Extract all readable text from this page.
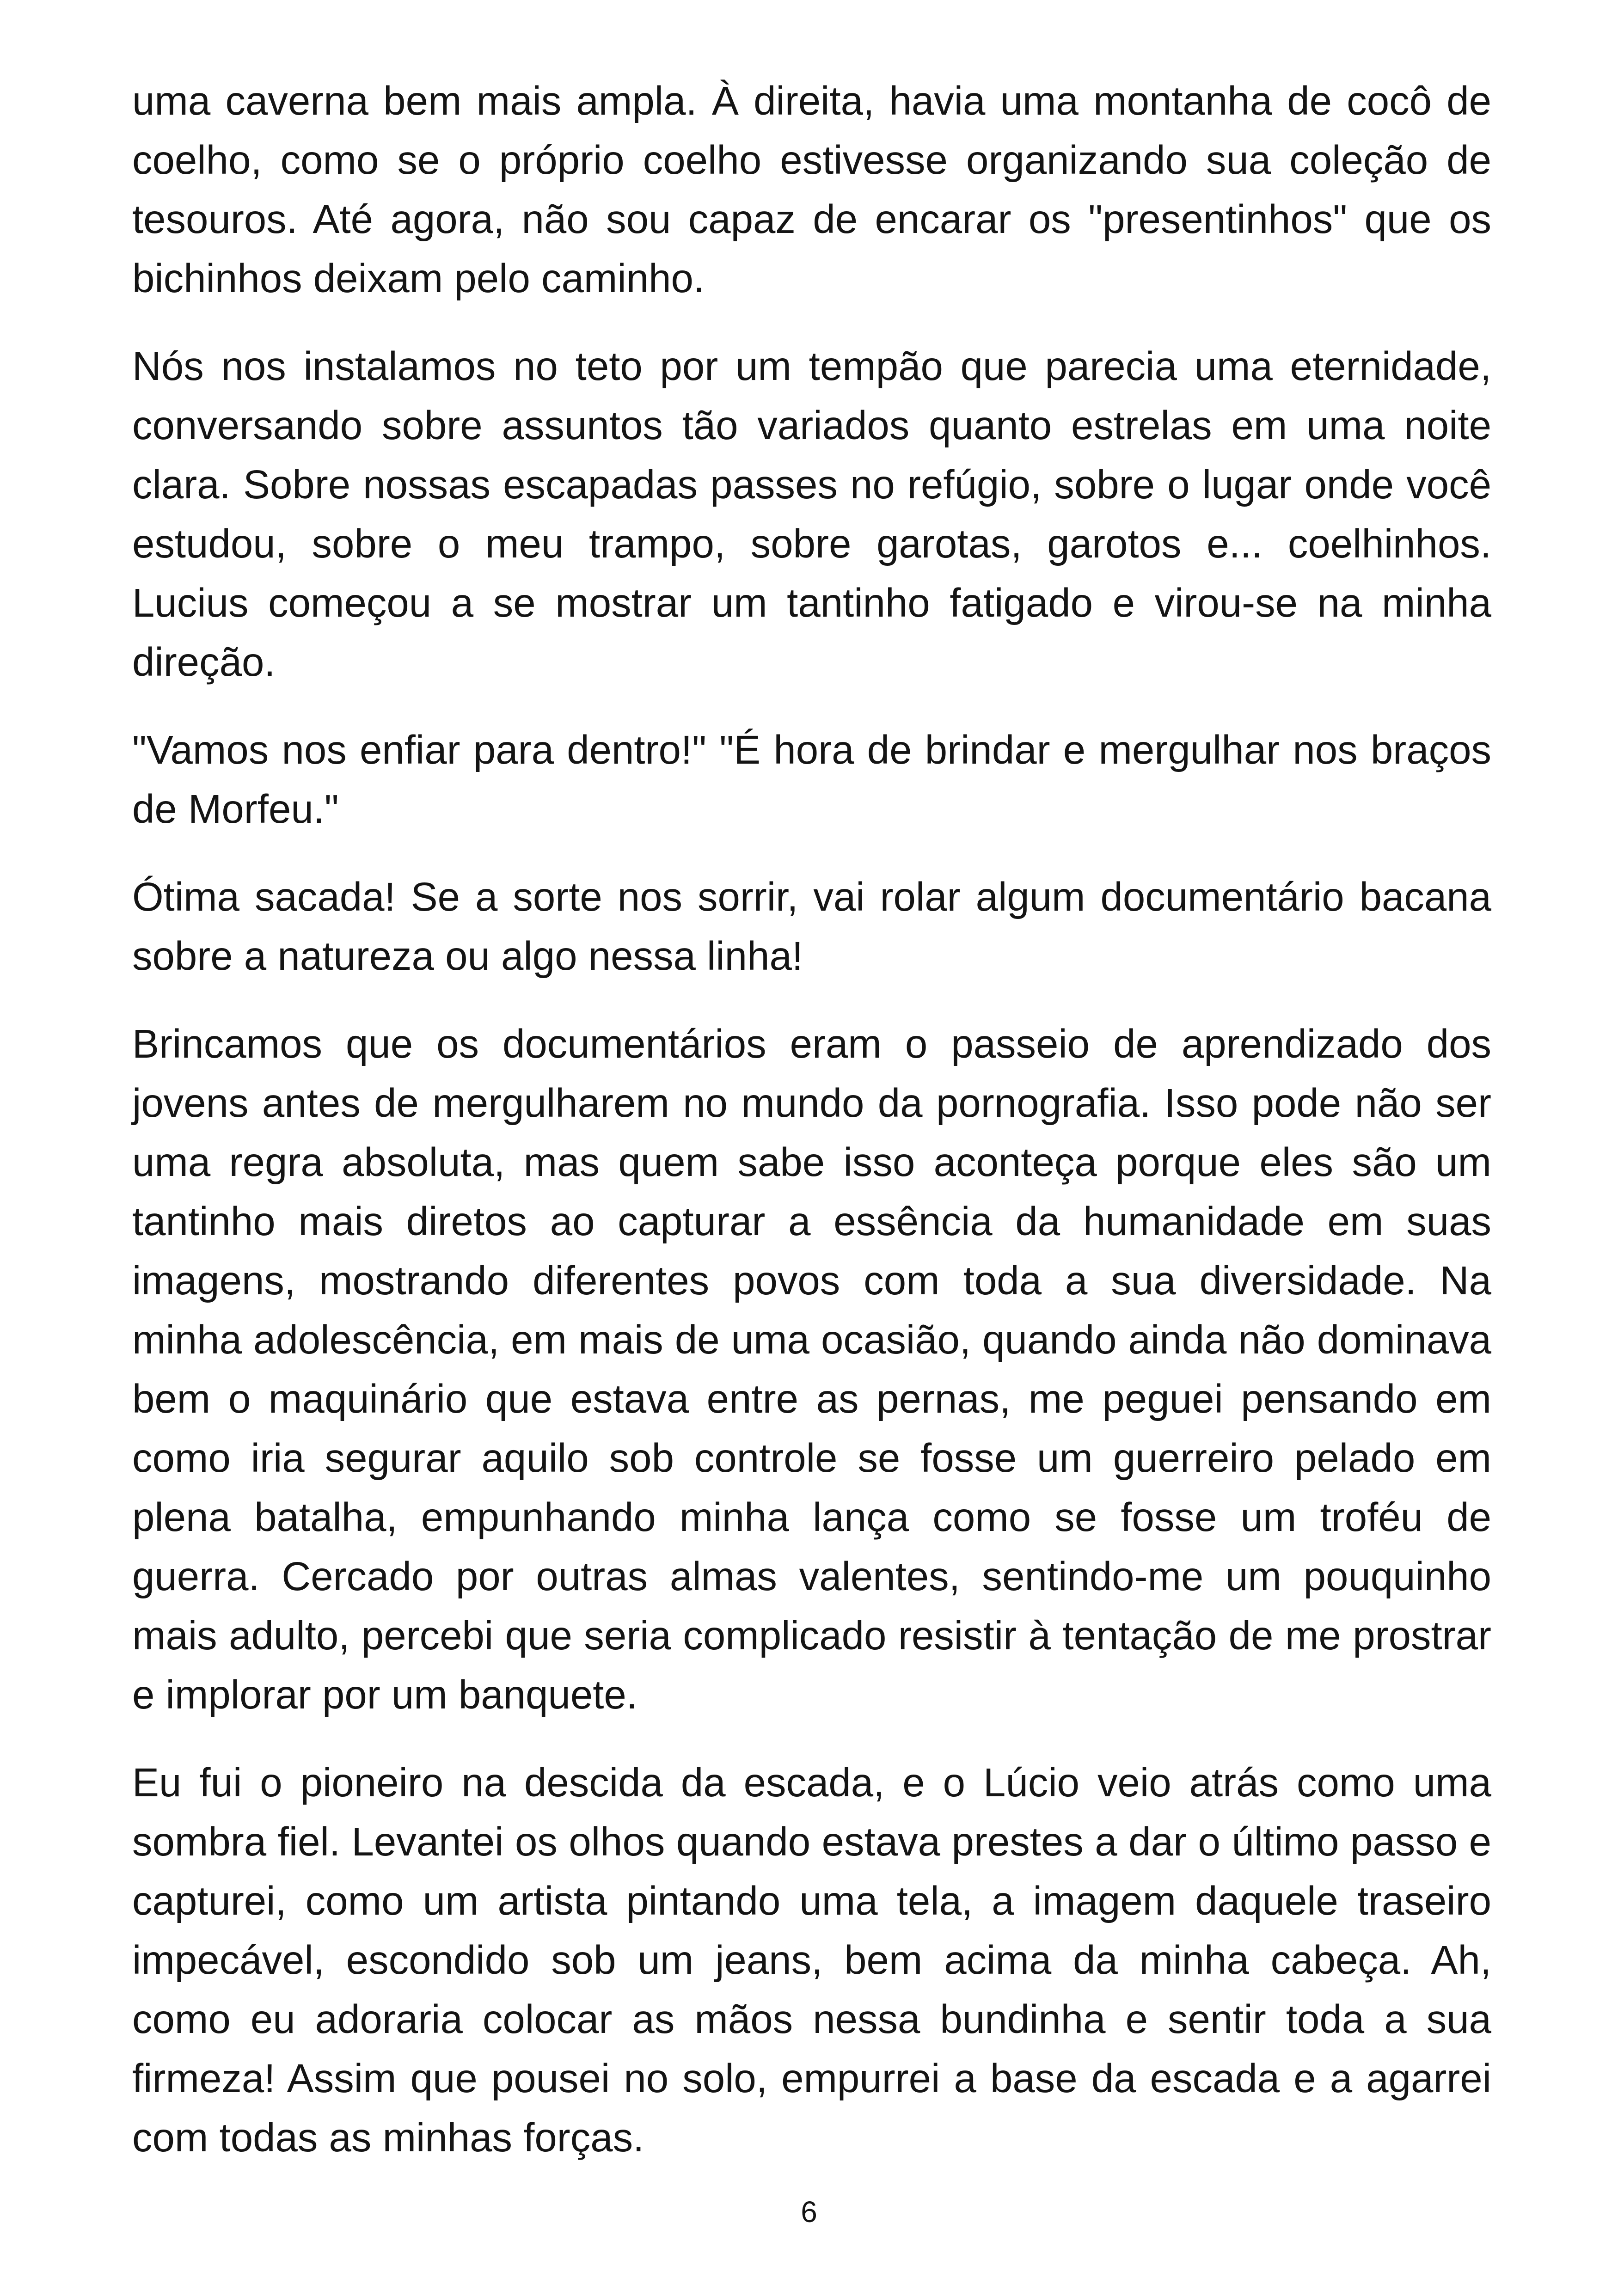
uma caverna bem mais ampla. À direita, havia uma montanha de cocô de coelho, como se o próprio coelho estivesse organizando sua coleção de tesouros. Até agora, não sou capaz de encarar os "presentinhos" que os bichinhos deixam pelo caminho.

Nós nos instalamos no teto por um tempão que parecia uma eternidade, conversando sobre assuntos tão variados quanto estrelas em uma noite clara. Sobre nossas escapadas passes no refúgio, sobre o lugar onde você estudou, sobre o meu trampo, sobre garotas, garotos e... coelhinhos. Lucius começou a se mostrar um tantinho fatigado e virou-se na minha direção.

"Vamos nos enfiar para dentro!" "É hora de brindar e mergulhar nos braços de Morfeu."

Ótima sacada! Se a sorte nos sorrir, vai rolar algum documentário bacana sobre a natureza ou algo nessa linha!

Brincamos que os documentários eram o passeio de aprendizado dos jovens antes de mergulharem no mundo da pornografia. Isso pode não ser uma regra absoluta, mas quem sabe isso aconteça porque eles são um tantinho mais diretos ao capturar a essência da humanidade em suas imagens, mostrando diferentes povos com toda a sua diversidade. Na minha adolescência, em mais de uma ocasião, quando ainda não dominava bem o maquinário que estava entre as pernas, me peguei pensando em como iria segurar aquilo sob controle se fosse um guerreiro pelado em plena batalha, empunhando minha lança como se fosse um troféu de guerra. Cercado por outras almas valentes, sentindo-me um pouquinho mais adulto, percebi que seria complicado resistir à tentação de me prostrar e implorar por um banquete.

Eu fui o pioneiro na descida da escada, e o Lúcio veio atrás como uma sombra fiel. Levantei os olhos quando estava prestes a dar o último passo e capturei, como um artista pintando uma tela, a imagem daquele traseiro impecável, escondido sob um jeans, bem acima da minha cabeça. Ah, como eu adoraria colocar as mãos nessa bundinha e sentir toda a sua firmeza! Assim que pousei no solo, empurrei a base da escada e a agarrei com todas as minhas forças.

6
